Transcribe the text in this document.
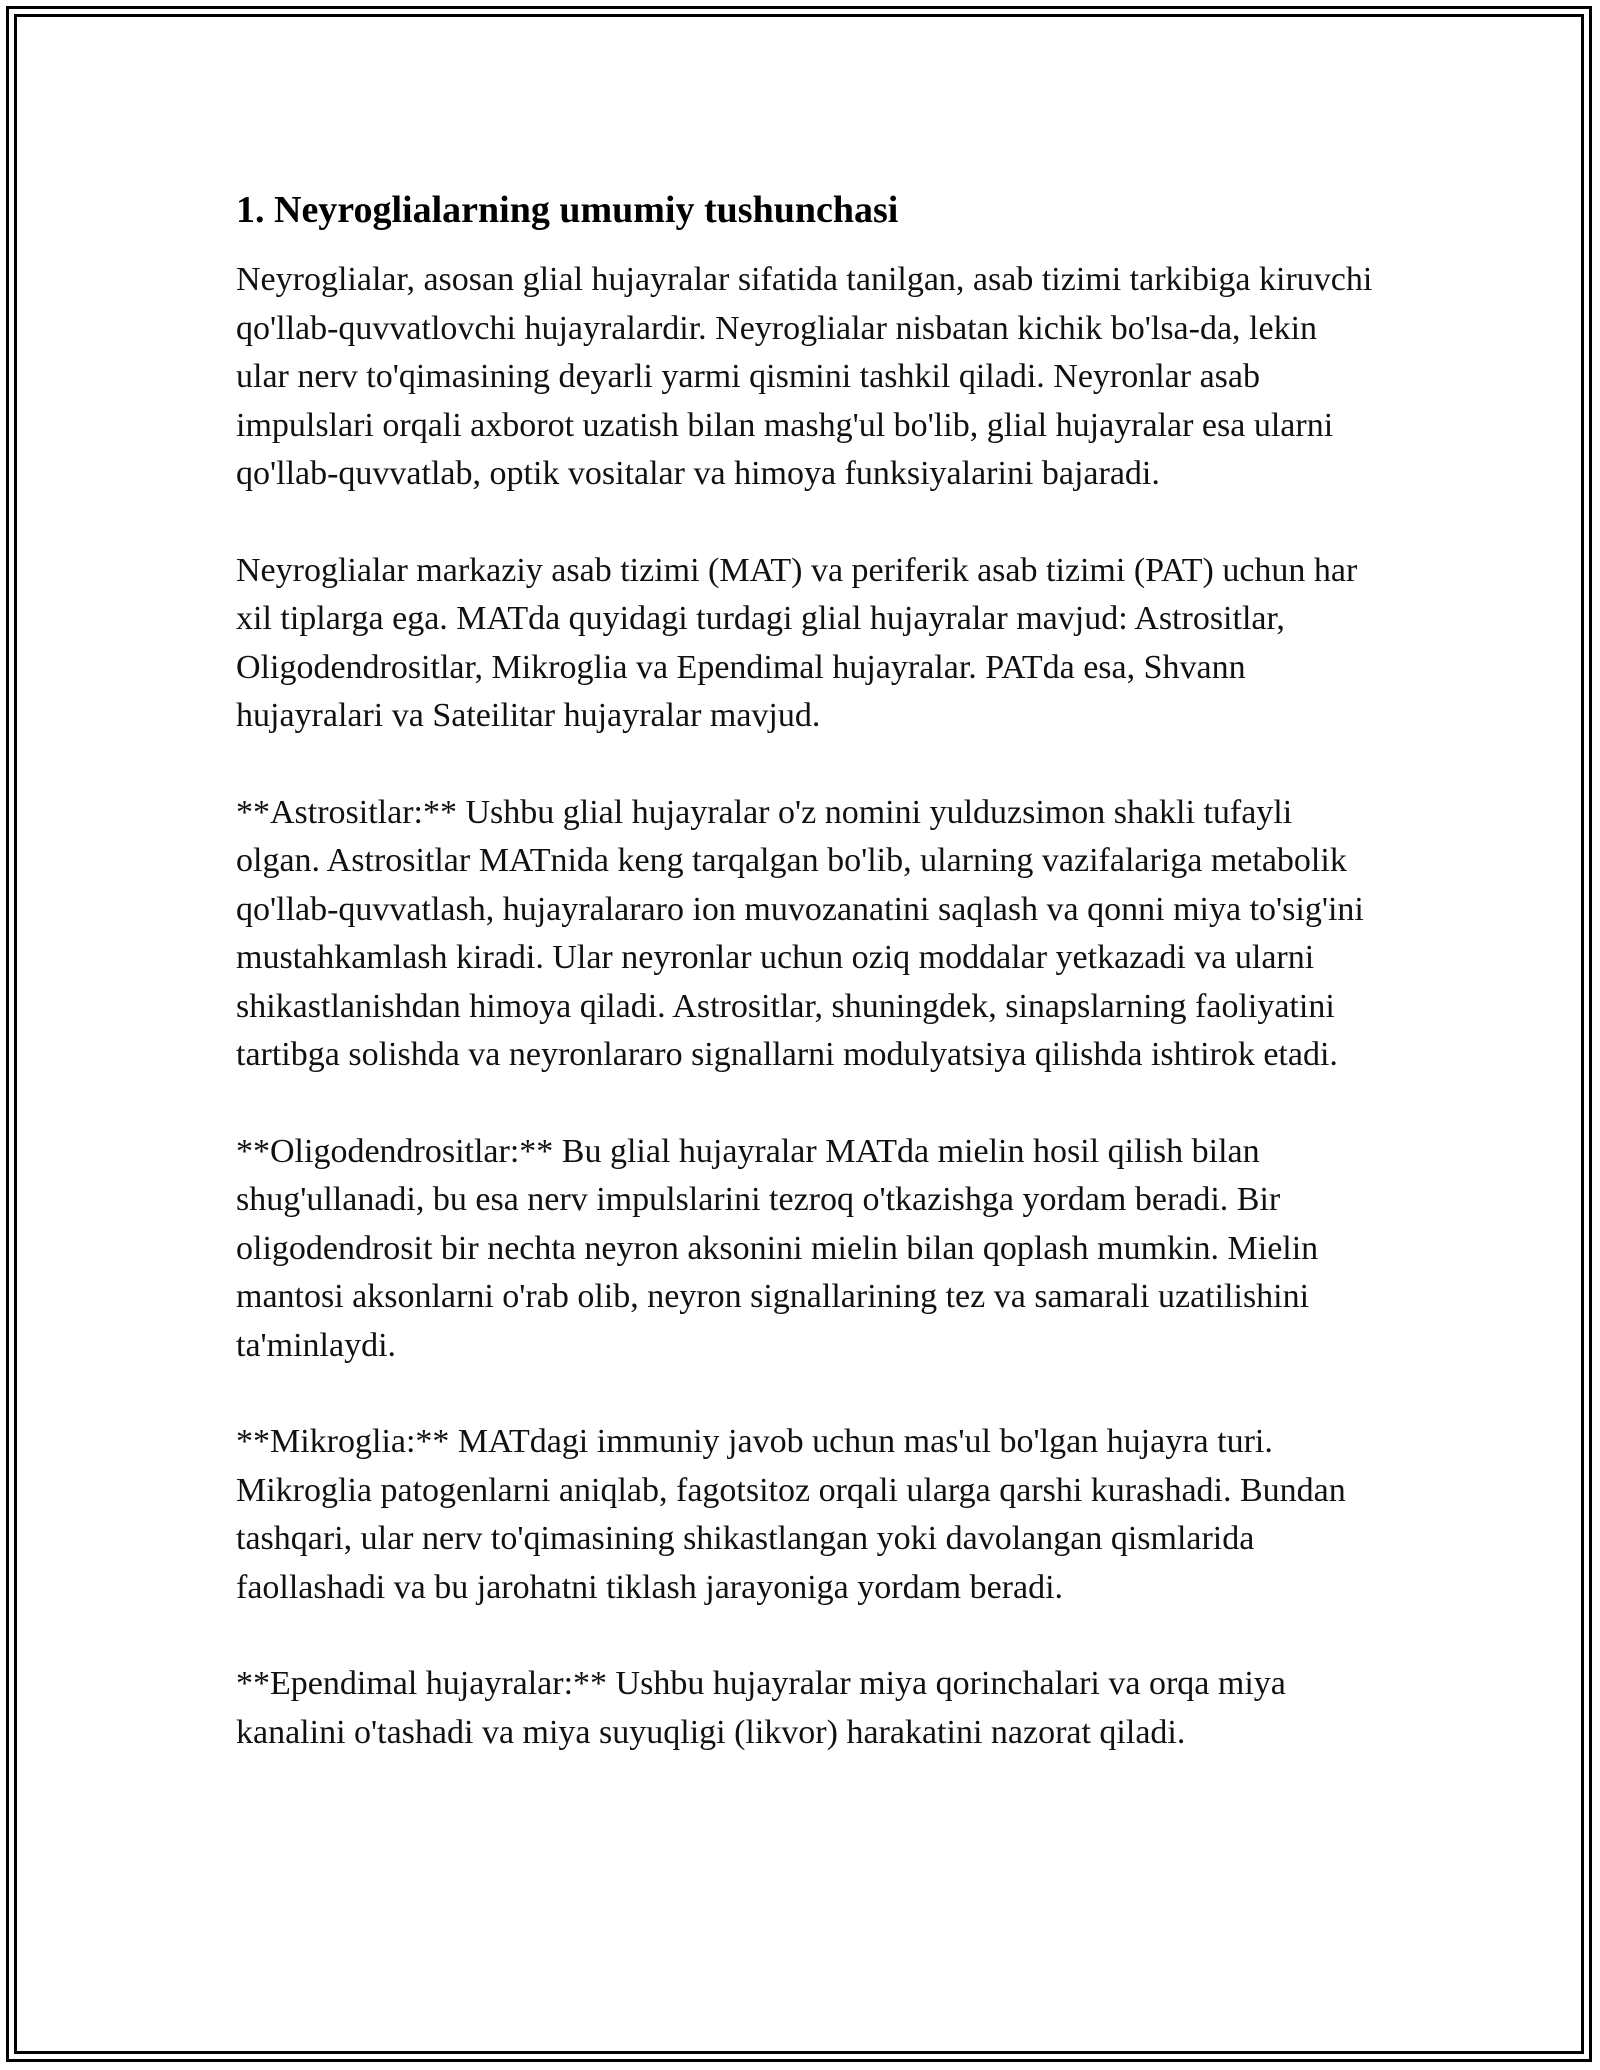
1. Neyroglialarning umumiy tushunchasi

Neyroglialar, asosan glial hujayralar sifatida tanilgan, asab tizimi tarkibiga kiruvchi qo'llab-quvvatlovchi hujayralardir. Neyroglialar nisbatan kichik bo'lsa-da, lekin ular nerv to'qimasining deyarli yarmi qismini tashkil qiladi. Neyronlar asab impulslari orqali axborot uzatish bilan mashg'ul bo'lib, glial hujayralar esa ularni qo'llab-quvvatlab, optik vositalar va himoya funksiyalarini bajaradi.

Neyroglialar markaziy asab tizimi (MAT) va periferik asab tizimi (PAT) uchun har xil tiplarga ega. MATda quyidagi turdagi glial hujayralar mavjud: Astrositlar, Oligodendrositlar, Mikroglia va Ependimal hujayralar. PATda esa, Shvann hujayralari va Sateilitar hujayralar mavjud.

**Astrositlar:** Ushbu glial hujayralar o'z nomini yulduzsimon shakli tufayli olgan. Astrositlar MATnida keng tarqalgan bo'lib, ularning vazifalariga metabolik qo'llab-quvvatlash, hujayralararo ion muvozanatini saqlash va qonni miya to'sig'ini mustahkamlash kiradi. Ular neyronlar uchun oziq moddalar yetkazadi va ularni shikastlanishdan himoya qiladi. Astrositlar, shuningdek, sinapslarning faoliyatini tartibga solishda va neyronlararo signallarni modulyatsiya qilishda ishtirok etadi.

**Oligodendrositlar:** Bu glial hujayralar MATda mielin hosil qilish bilan shug'ullanadi, bu esa nerv impulslarini tezroq o'tkazishga yordam beradi. Bir oligodendrosit bir nechta neyron aksonini mielin bilan qoplash mumkin. Mielin mantosi aksonlarni o'rab olib, neyron signallarining tez va samarali uzatilishini ta'minlaydi.

**Mikroglia:** MATdagi immuniy javob uchun mas'ul bo'lgan hujayra turi. Mikroglia patogenlarni aniqlab, fagotsitoz orqali ularga qarshi kurashadi. Bundan tashqari, ular nerv to'qimasining shikastlangan yoki davolangan qismlarida faollashadi va bu jarohatni tiklash jarayoniga yordam beradi.

**Ependimal hujayralar:** Ushbu hujayralar miya qorinchalari va orqa miya kanalini o'tashadi va miya suyuqligi (likvor) harakatini nazorat qiladi.
